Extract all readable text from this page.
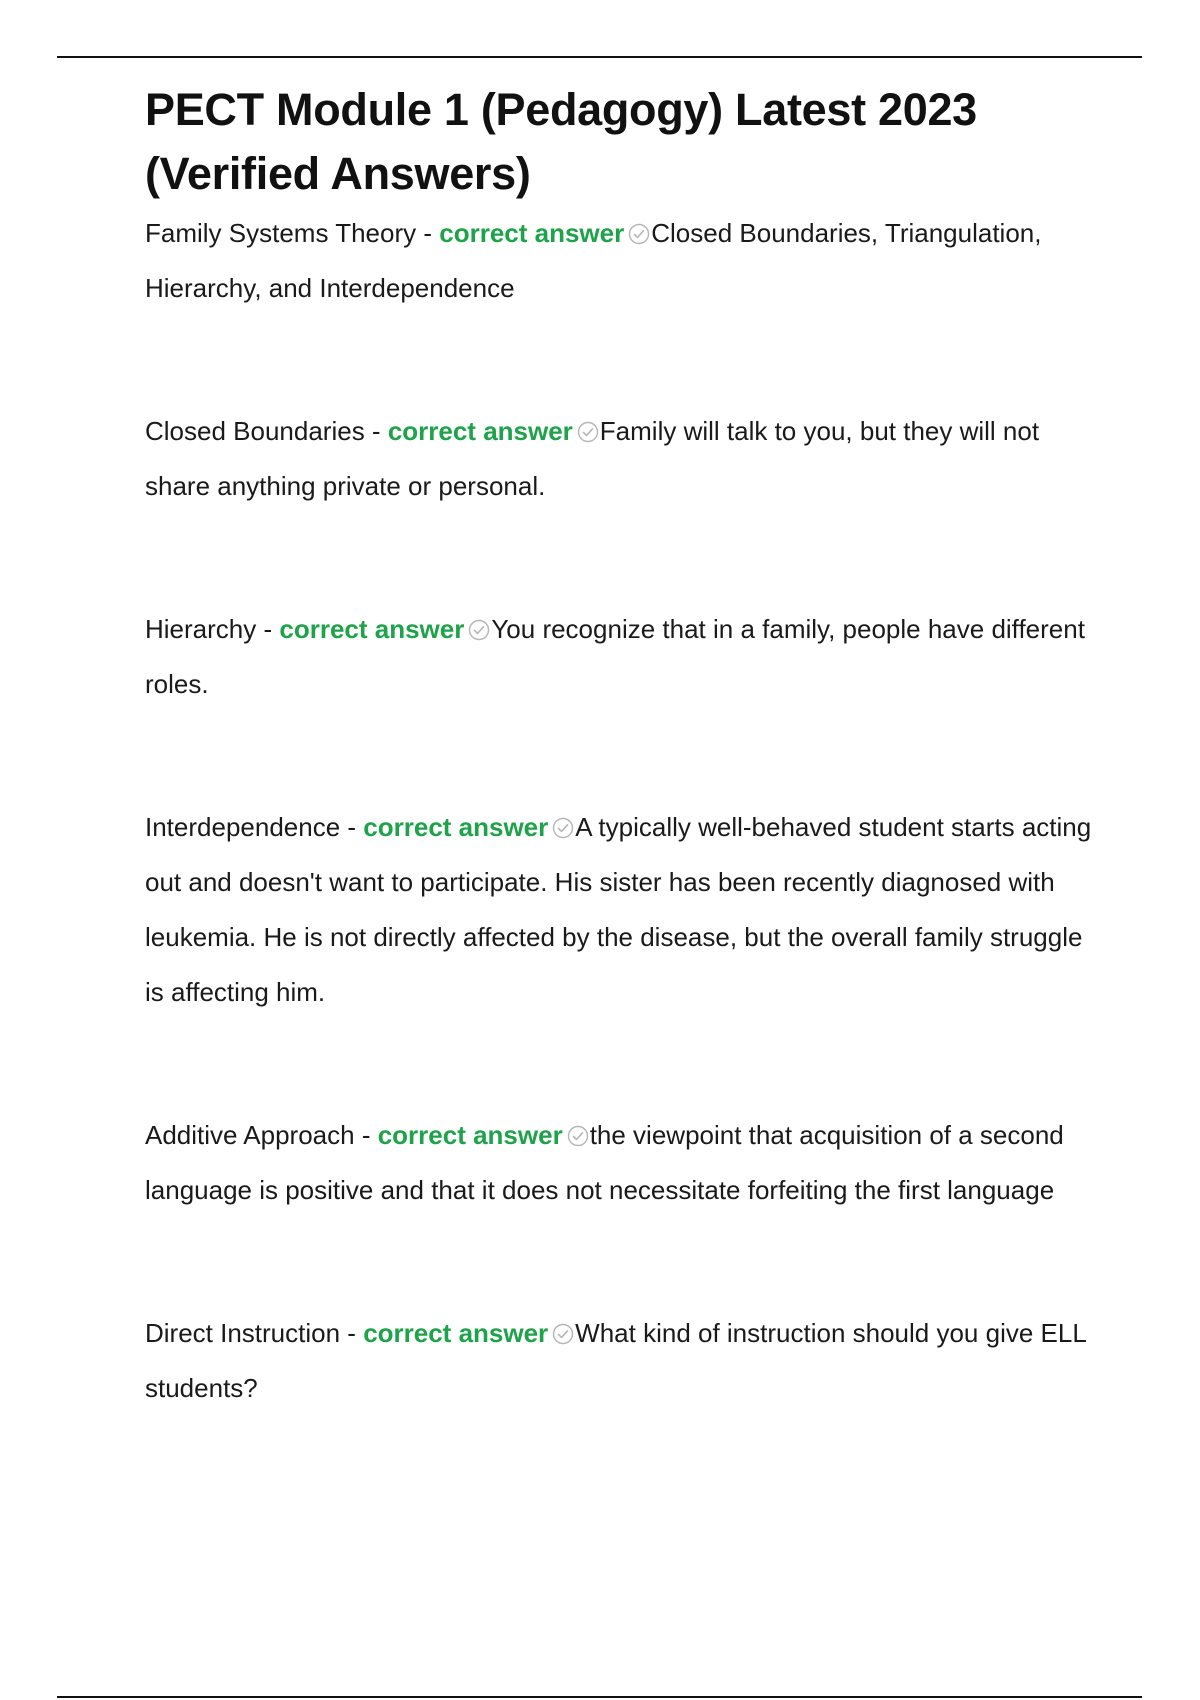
PECT Module 1 (Pedagogy) Latest 2023 (Verified Answers)

Family Systems Theory - correct answer Closed Boundaries, Triangulation, Hierarchy, and Interdependence

Closed Boundaries - correct answer Family will talk to you, but they will not share anything private or personal.

Hierarchy - correct answer You recognize that in a family, people have different roles.

Interdependence - correct answer A typically well-behaved student starts acting out and doesn't want to participate. His sister has been recently diagnosed with leukemia. He is not directly affected by the disease, but the overall family struggle is affecting him.

Additive Approach - correct answer the viewpoint that acquisition of a second language is positive and that it does not necessitate forfeiting the first language

Direct Instruction - correct answer What kind of instruction should you give ELL students?
